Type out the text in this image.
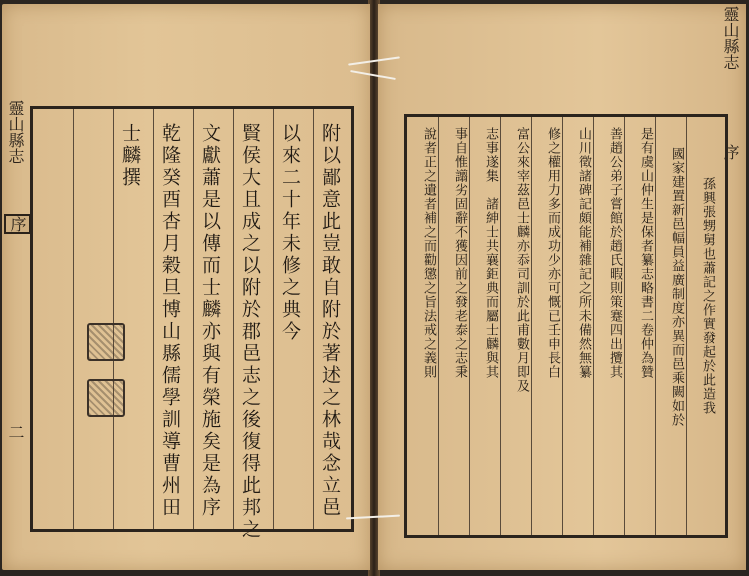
靈山縣志
序
二	附以鄙意此豈敢自附於著述之林哉念立邑
以來二十年未修之典今
賢侯大且成之以附於郡邑志之後復得此邦之
文獻蕭是以傳而士麟亦與有榮施矣是為序
乾隆癸酉杏月穀旦博山縣儒學訓導曹州田
士麟撰
靈山縣志
序
孫興張甥舅也蕭記之作實發起於此造我
國家建置新邑幅員益廣制度亦異而邑乘闕如於
是有虞山仲生是保者纂志略書二卷仲為贊
善趙公弟子嘗館於趙氏暇則策蹇四出攬其
山川徵諸碑記頗能補雜記之所未備然無纂
修之權用力多而成功少亦可慨已壬申長白
富公來宰茲邑士麟亦忝司訓於此甫數月即及
志事遂集　諸紳士共襄鉅典而屬士麟與其
事自惟譾劣固辭不獲因前之發老泰之志秉
說者正之遺者補之而勸懲之旨法戒之義則
